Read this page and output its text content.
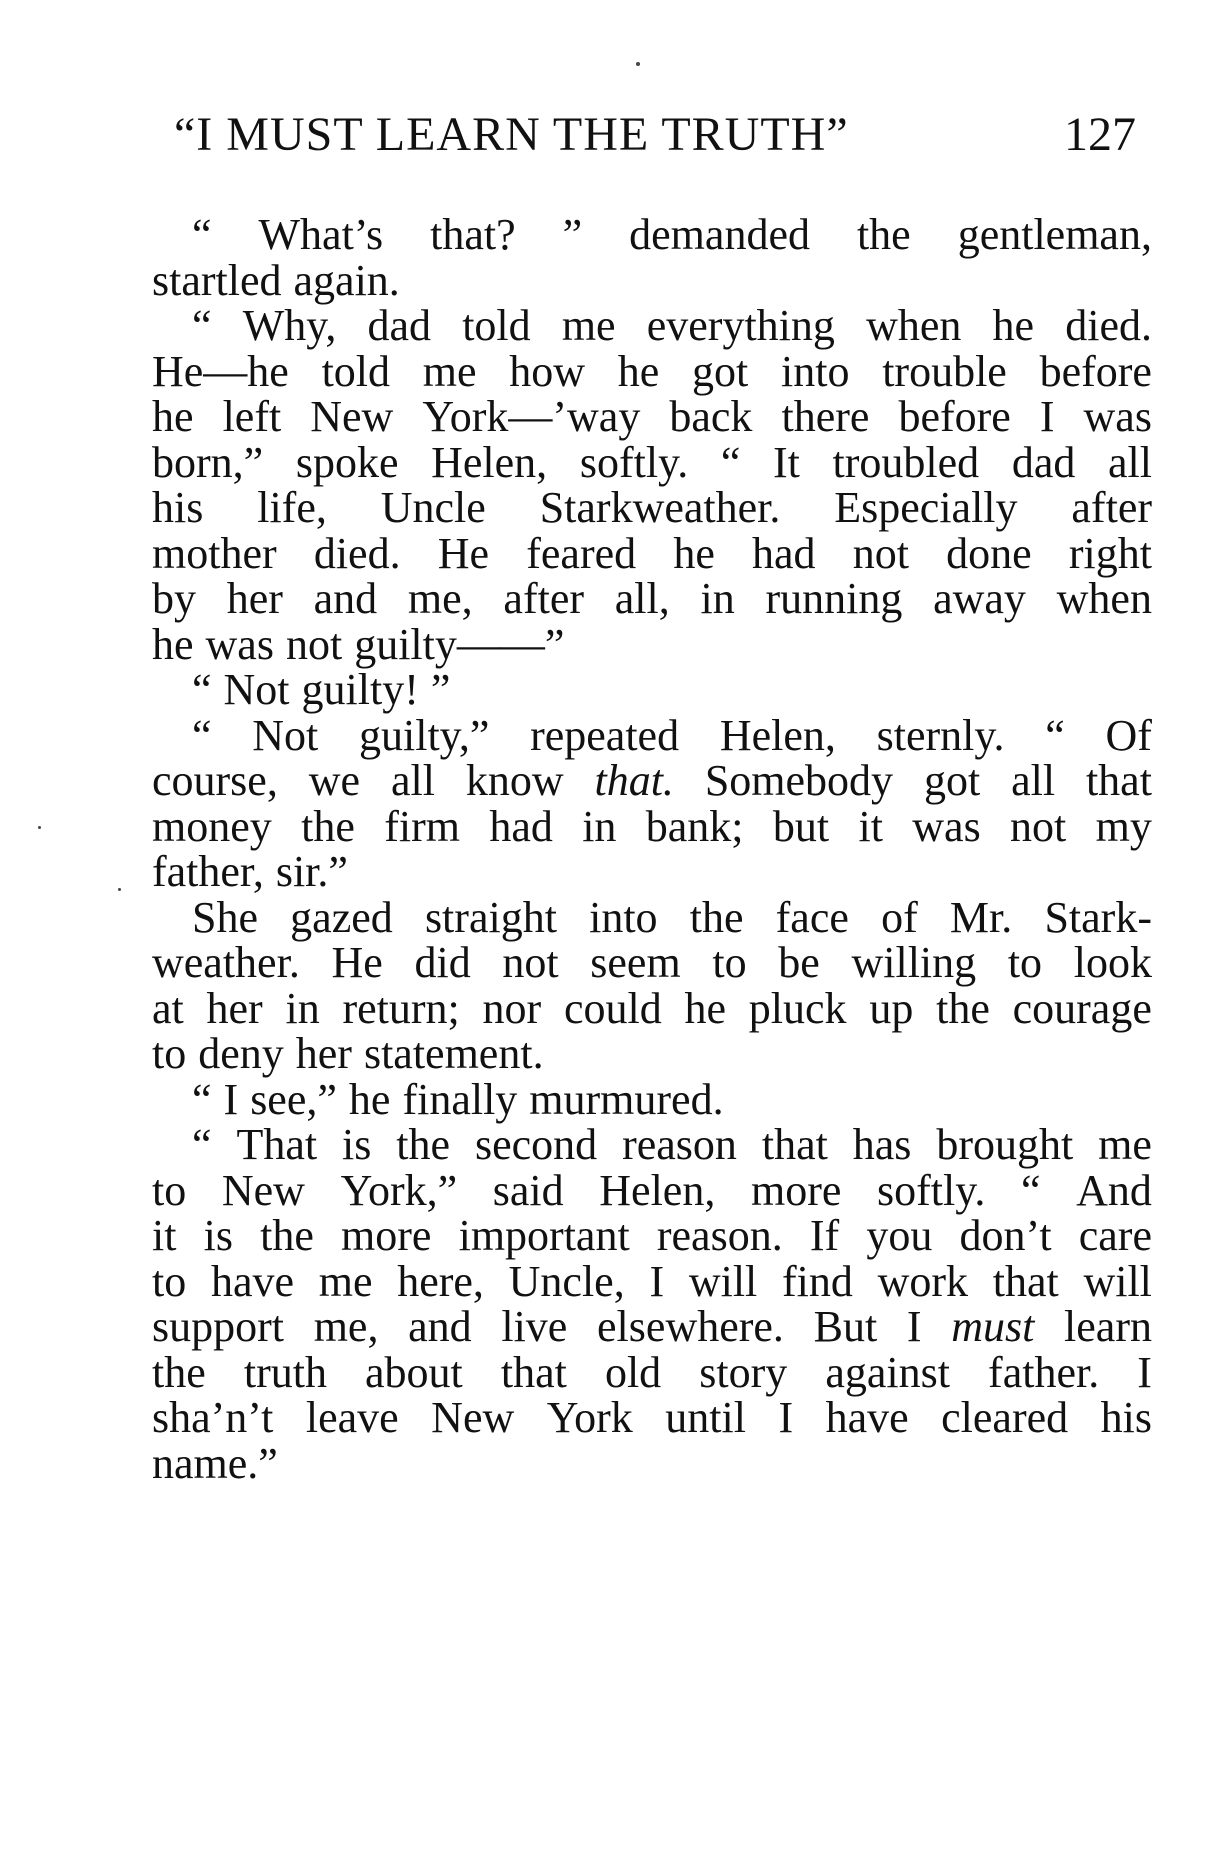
“I MUST LEARN THE TRUTH”	127
“ What’s that? ” demanded the gentleman,
startled again.
“ Why, dad told me everything when he died.
He—he told me how he got into trouble before
he left New York—’way back there before I was
born,” spoke Helen, softly. “ It troubled dad all
his life, Uncle Starkweather. Especially after
mother died. He feared he had not done right
by her and me, after all, in running away when
he was not guilty——”
“ Not guilty! ”
“ Not guilty,” repeated Helen, sternly. “ Of
course, we all know that. Somebody got all that
money the firm had in bank; but it was not my
father, sir.”
She gazed straight into the face of Mr. Stark-
weather. He did not seem to be willing to look
at her in return; nor could he pluck up the courage
to deny her statement.
“ I see,” he finally murmured.
“ That is the second reason that has brought me
to New York,” said Helen, more softly. “ And
it is the more important reason. If you don’t care
to have me here, Uncle, I will find work that will
support me, and live elsewhere. But I must learn
the truth about that old story against father. I
sha’n’t leave New York until I have cleared his
name.”
